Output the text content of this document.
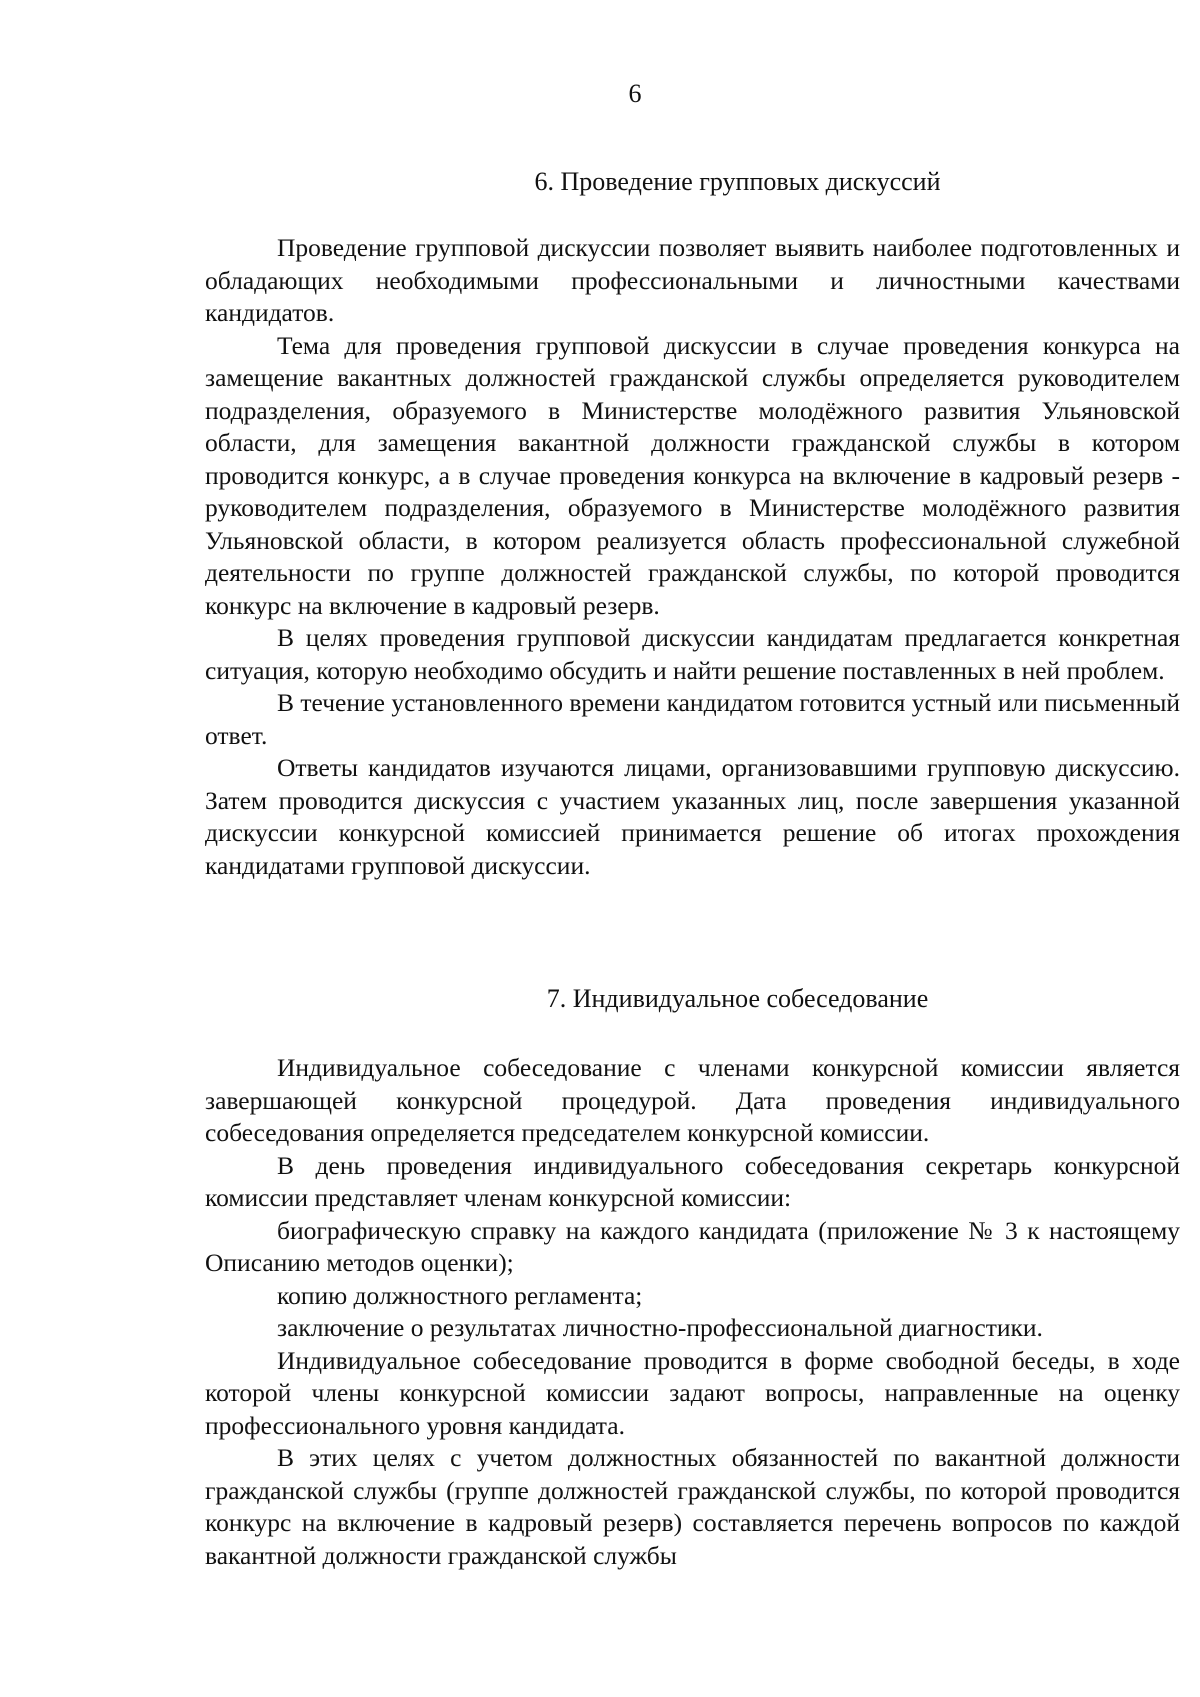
6
6. Проведение групповых дискуссий

Проведение групповой дискуссии позволяет выявить наиболее подготовленных и обладающих необходимыми профессиональными и личностными качествами кандидатов.

Тема для проведения групповой дискуссии в случае проведения конкурса на замещение вакантных должностей гражданской службы определяется руководителем подразделения, образуемого в Министерстве молодёжного развития Ульяновской области, для замещения вакантной должности гражданской службы в котором проводится конкурс, а в случае проведения конкурса на включение в кадровый резерв - руководителем подразделения, образуемого в Министерстве молодёжного развития Ульяновской области, в котором реализуется область профессиональной служебной деятельности по группе должностей гражданской службы, по которой проводится конкурс на включение в кадровый резерв.

В целях проведения групповой дискуссии кандидатам предлагается конкретная ситуация, которую необходимо обсудить и найти решение поставленных в ней проблем.

В течение установленного времени кандидатом готовится устный или письменный ответ.

Ответы кандидатов изучаются лицами, организовавшими групповую дискуссию. Затем проводится дискуссия с участием указанных лиц, после завершения указанной дискуссии конкурсной комиссией принимается решение об итогах прохождения кандидатами групповой дискуссии.

7. Индивидуальное собеседование

Индивидуальное собеседование с членами конкурсной комиссии является завершающей конкурсной процедурой. Дата проведения индивидуального собеседования определяется председателем конкурсной комиссии.

В день проведения индивидуального собеседования секретарь конкурсной комиссии представляет членам конкурсной комиссии:

биографическую справку на каждого кандидата (приложение № 3 к настоящему Описанию методов оценки);

копию должностного регламента;

заключение о результатах личностно-профессиональной диагностики.

Индивидуальное собеседование проводится в форме свободной беседы, в ходе которой члены конкурсной комиссии задают вопросы, направленные на оценку профессионального уровня кандидата.

В этих целях с учетом должностных обязанностей по вакантной должности гражданской службы (группе должностей гражданской службы, по которой проводится конкурс на включение в кадровый резерв) составляется перечень вопросов по каждой вакантной должности гражданской службы
